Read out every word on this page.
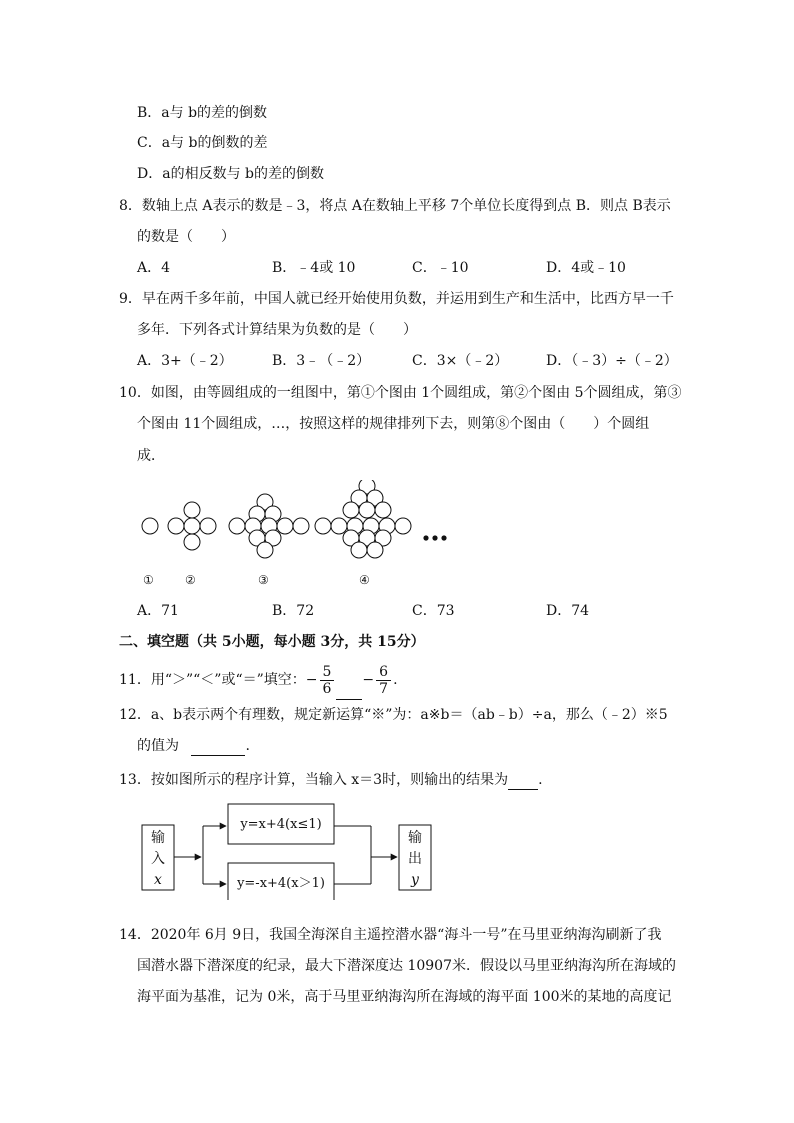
B．a与 b的差的倒数
C．a与 b的倒数的差
D．a的相反数与 b的差的倒数
8．数轴上点 A表示的数是﹣3，将点 A在数轴上平移 7个单位长度得到点 B．则点 B表示
的数是（　　）
A．4	B．﹣4或 10	C．﹣10	D．4或﹣10
9．早在两千多年前，中国人就已经开始使用负数，并运用到生产和生活中，比西方早一千
多年．下列各式计算结果为负数的是（　　）
A．3+（﹣2）	B．3﹣（﹣2）	C．3×（﹣2）	D．（﹣3）÷（﹣2）
10．如图，由等圆组成的一组图中，第①个图由 1个圆组成，第②个图由 5个圆组成，第③
个图由 11个圆组成，…，按照这样的规律排列下去，则第⑧个图由（　　）个圆组
成．
①	②	③	④
A．71	B．72	C．73	D．74
二、填空题（共 5小题，每小题 3分，共 15分）
11．用“＞”“＜”或“＝”填空：− $\frac{5}{6} - \frac{6}{7}$ .
12．a、b表示两个有理数，规定新运算“※”为：a※b＝（ab﹣b）÷a，那么（﹣2）※5
的值为	.
13．按如图所示的程序计算，当输入 x＝3时，则输出的结果为 .
输
入
x
y=x+4(x≤1)
y=-x+4(x＞1)
输
出
y
14．2020年 6月 9日，我国全海深自主遥控潜水器“海斗一号”在马里亚纳海沟刷新了我
国潜水器下潜深度的纪录，最大下潜深度达 10907米．假设以马里亚纳海沟所在海域的
海平面为基准，记为 0米，高于马里亚纳海沟所在海域的海平面 100米的某地的高度记
